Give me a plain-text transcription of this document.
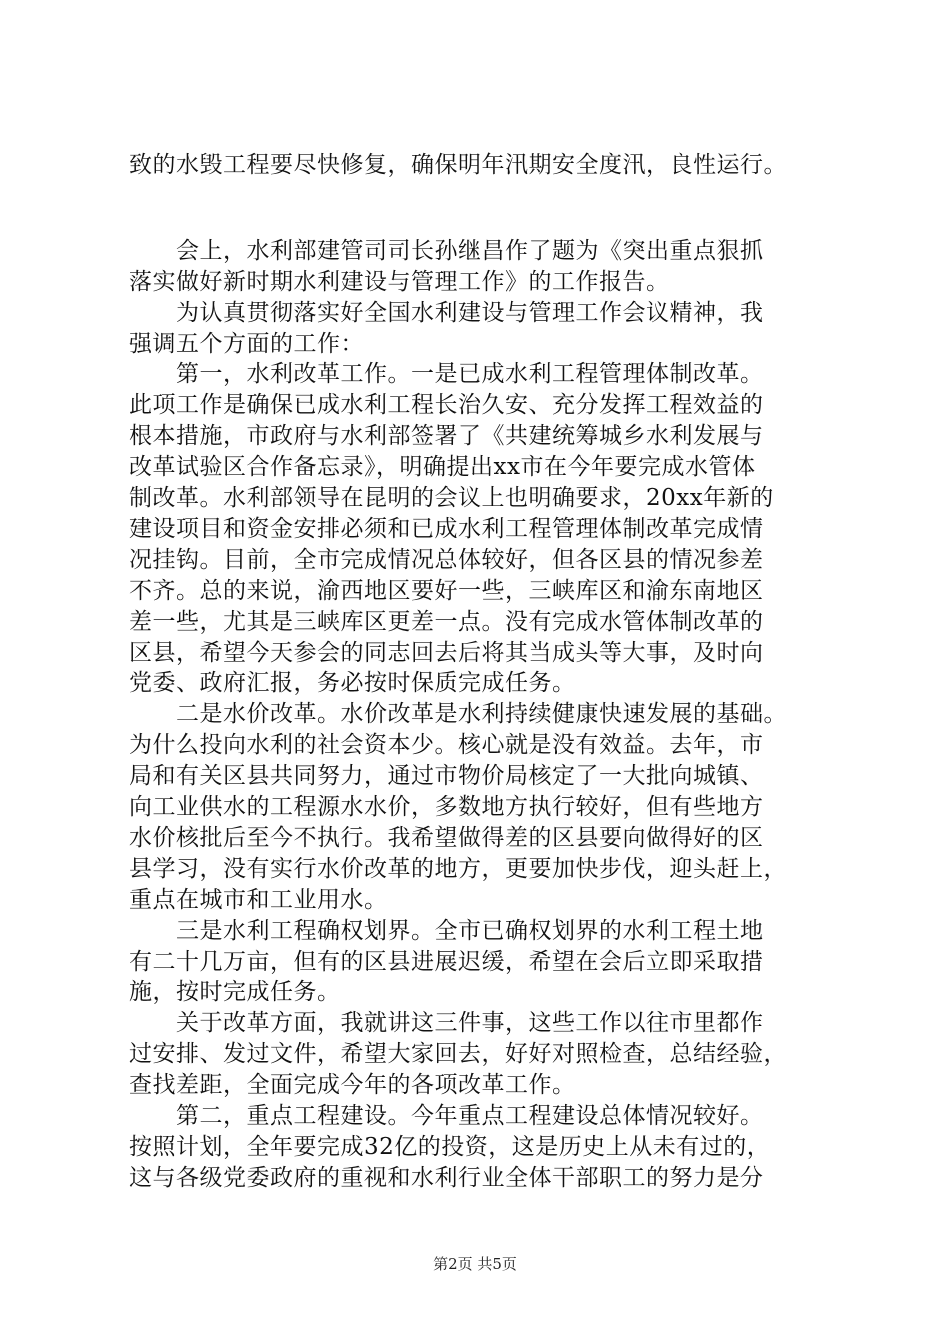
致的水毁工程要尽快修复，确保明年汛期安全度汛，良性运行。
会上，水利部建管司司长孙继昌作了题为《突出重点狠抓
落实做好新时期水利建设与管理工作》的工作报告。
为认真贯彻落实好全国水利建设与管理工作会议精神，我
强调五个方面的工作：
第一，水利改革工作。一是已成水利工程管理体制改革。
此项工作是确保已成水利工程长治久安、充分发挥工程效益的
根本措施，市政府与水利部签署了《共建统筹城乡水利发展与
改革试验区合作备忘录》，明确提出xx市在今年要完成水管体
制改革。水利部领导在昆明的会议上也明确要求，20xx年新的
建设项目和资金安排必须和已成水利工程管理体制改革完成情
况挂钩。目前，全市完成情况总体较好，但各区县的情况参差
不齐。总的来说，渝西地区要好一些，三峡库区和渝东南地区
差一些，尤其是三峡库区更差一点。没有完成水管体制改革的
区县，希望今天参会的同志回去后将其当成头等大事，及时向
党委、政府汇报，务必按时保质完成任务。
二是水价改革。水价改革是水利持续健康快速发展的基础。
为什么投向水利的社会资本少。核心就是没有效益。去年，市
局和有关区县共同努力，通过市物价局核定了一大批向城镇、
向工业供水的工程源水水价，多数地方执行较好，但有些地方
水价核批后至今不执行。我希望做得差的区县要向做得好的区
县学习，没有实行水价改革的地方，更要加快步伐，迎头赶上，
重点在城市和工业用水。
三是水利工程确权划界。全市已确权划界的水利工程土地
有二十几万亩，但有的区县进展迟缓，希望在会后立即采取措
施，按时完成任务。
关于改革方面，我就讲这三件事，这些工作以往市里都作
过安排、发过文件，希望大家回去，好好对照检查，总结经验，
查找差距，全面完成今年的各项改革工作。
第二，重点工程建设。今年重点工程建设总体情况较好。
按照计划，全年要完成32亿的投资，这是历史上从未有过的，
这与各级党委政府的重视和水利行业全体干部职工的努力是分
第2页 共5页
